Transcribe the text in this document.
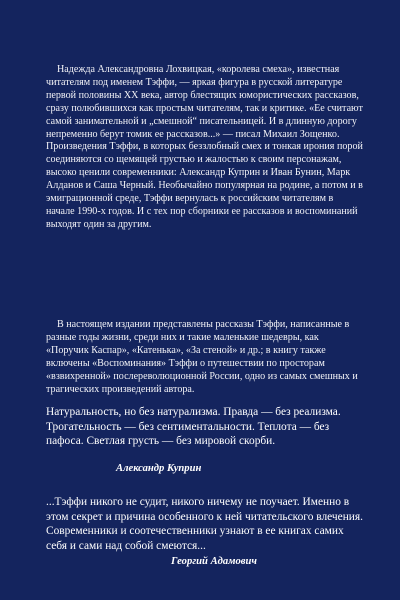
Надежда Александровна Лохвицкая, «королева смеха», известная читателям под именем Тэффи, — яркая фигура в русской литературе первой половины XX века, автор блестящих юмористических рассказов, сразу полюбившихся как простым читателям, так и критике. «Ее считают самой занимательной и „смешной“ писательницей. И в длинную дорогу непременно берут томик ее рассказов...» — писал Михаил Зощенко. Произведения Тэффи, в которых беззлобный смех и тонкая ирония порой соединяются со щемящей грустью и жалостью к своим персонажам, высоко ценили современники: Александр Куприн и Иван Бунин, Марк Алданов и Саша Черный. Необычайно популярная на родине, а потом и в эмиграционной среде, Тэффи вернулась к российским читателям в начале 1990-х годов. И с тех пор сборники ее рассказов и воспоминаний выходят один за другим.
В настоящем издании представлены рассказы Тэффи, написанные в разные годы жизни, среди них и такие маленькие шедевры, как «Поручик Каспар», «Катенька», «За стеной» и др.; в книгу также включены «Воспоминания» Тэффи о путешествии по просторам «взвихренной» послереволюционной России, одно из самых смешных и трагических произведений автора.
Натуральность, но без натурализма. Правда — без реализма. Трогательность — без сентиментальности. Теплота — без пафоса. Светлая грусть — без мировой скорби.
Александр Куприн
...Тэффи никого не судит, никого ничему не поучает. Именно в этом секрет и причина особенного к ней читательского влечения. Современники и соотечественники узнают в ее книгах самих себя и сами над собой смеются...
Георгий Адамович
